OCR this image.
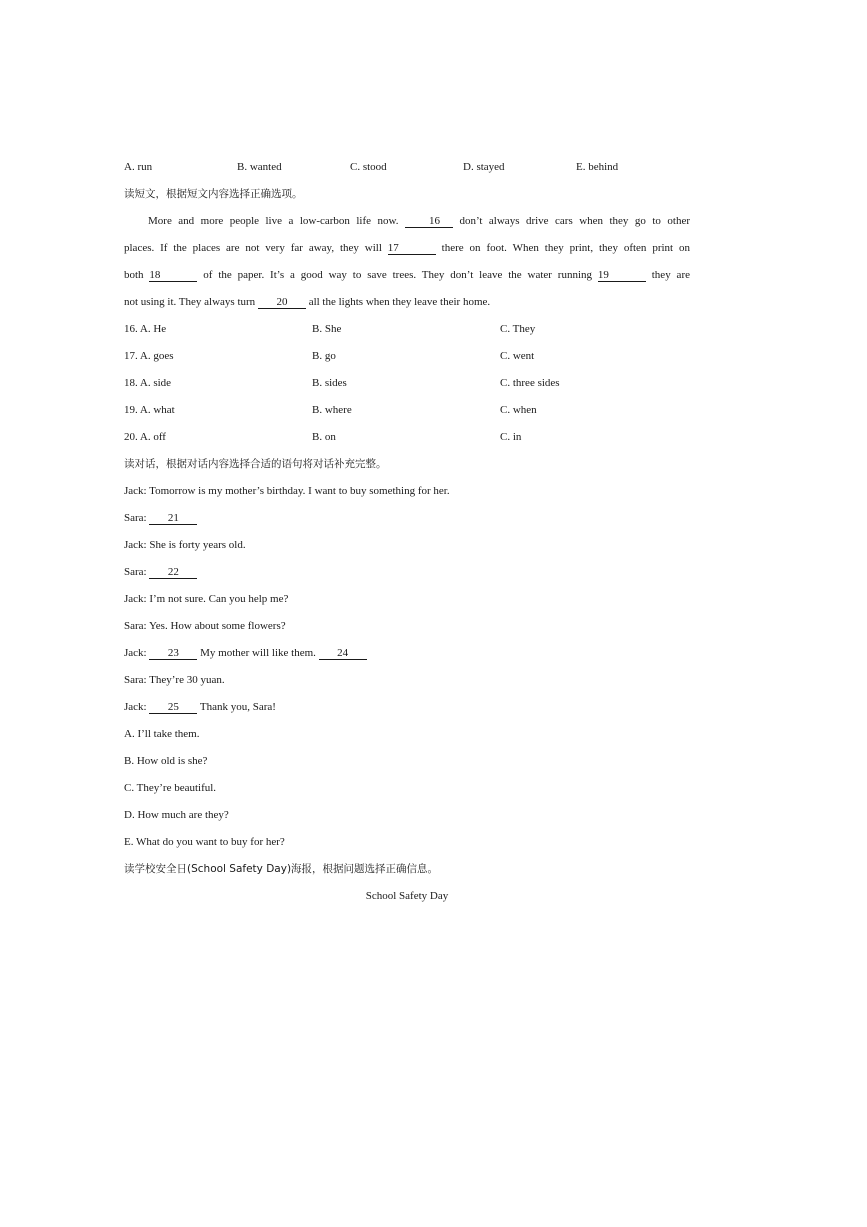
A. run	B. wanted	C. stood	D. stayed	E. behind
读短文，根据短文内容选择正确选项。
More and more people live a low-carbon life now. 16 don’t always drive cars when they go to other
places. If the places are not very far away, they will 17	there on foot. When they print, they often print on
both 18	of the paper. It’s a good way to save trees. They don’t leave the water running 19	they are
not using it. They always turn 20 all the lights when they leave their home.
16. A. He	B. She	C. They
17. A. goes	B. go	C. went
18. A. side	B. sides	C. three sides
19. A. what	B. where	C. when
20. A. off	B. on	C. in
读对话，根据对话内容选择合适的语句将对话补充完整。
Jack: Tomorrow is my mother’s birthday. I want to buy something for her.
Sara: 21
Jack: She is forty years old.
Sara: 22
Jack: I’m not sure. Can you help me?
Sara: Yes. How about some flowers?
Jack: 23 My mother will like them. 24
Sara: They’re 30 yuan.
Jack: 25 Thank you, Sara!
A. I’ll take them.
B. How old is she?
C. They’re beautiful.
D. How much are they?
E. What do you want to buy for her?
读学校安全日(School Safety Day)海报，根据问题选择正确信息。
School Safety Day
